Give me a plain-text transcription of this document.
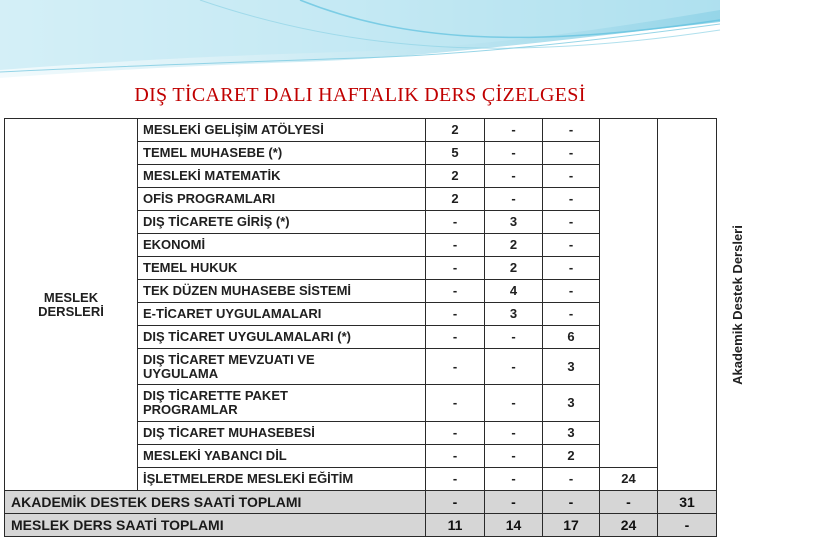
DIŞ TİCARET DALI HAFTALIK DERS ÇİZELGESİ
MESLEK
DERSLERİ	MESLEKİ GELİŞİM ATÖLYESİ	2	-	-		Akademik Destek Dersleri
	TEMEL MUHASEBE (*)	5	-	-		
	MESLEKİ MATEMATİK	2	-	-		
	OFİS PROGRAMLARI	2	-	-		
	DIŞ TİCARETE GİRİŞ (*)	-	3	-		
	EKONOMİ	-	2	-		
	TEMEL HUKUK	-	2	-		
	TEK DÜZEN MUHASEBE SİSTEMİ	-	4	-		
	E-TİCARET UYGULAMALARI	-	3	-		
	DIŞ TİCARET UYGULAMALARI (*)	-	-	6		

	DIŞ TİCARET MEVZUATI VE
UYGULAMA	-	-	3		

	DIŞ TİCARETTE PAKET
PROGRAMLAR	-	-	3		
	DIŞ TİCARET MUHASEBESİ	-	-	3		
	MESLEKİ YABANCI DİL	-	-	2		
	İŞLETMELERDE MESLEKİ EĞİTİM	-	-	-	24	
AKADEMİK DESTEK DERS SAATİ TOPLAMI		-	-	-	-	31
MESLEK DERS SAATİ TOPLAMI		11	14	17	24	-
